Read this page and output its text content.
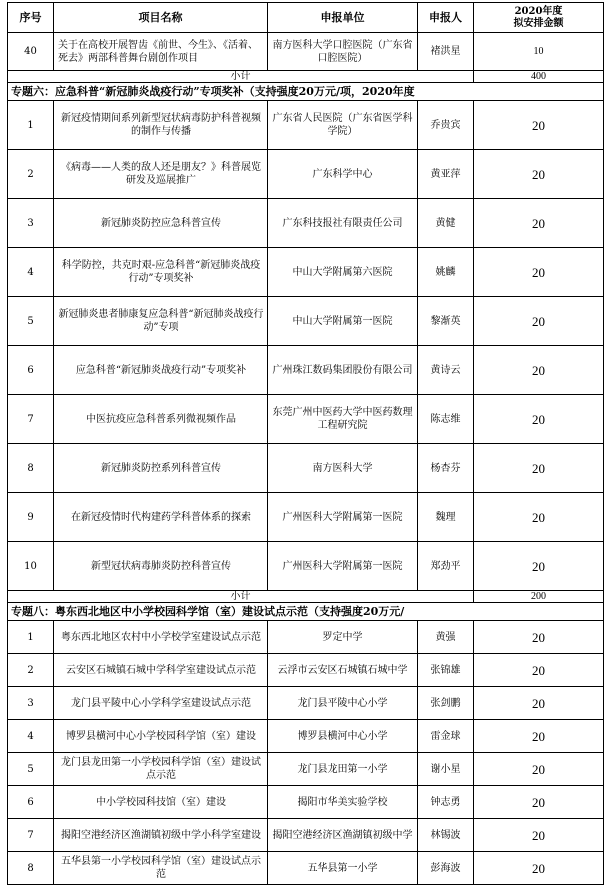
序号	项目名称	申报单位	申报人	2020年度
拟安排金额

40	关于在高校开展智齿《前世、今生》、《活着、死去》两部科普舞台剧创作项目	南方医科大学口腔医院（广东省口腔医院）	褚洪星	10
小计				400
专题六：应急科普“新冠肺炎战疫行动”专项奖补（支持强度20万元/项，2020年度				
1	新冠疫情期间系列新型冠状病毒防护科普视频的制作与传播	广东省人民医院（广东省医学科学院）	乔贵宾	20
2	《病毒——人类的敌人还是朋友？》科普展览研发及巡展推广	广东科学中心	黄亚萍	20
3	新冠肺炎防控应急科普宣传	广东科技报社有限责任公司	黄健	20
4	科学防控，共克时艰-应急科普“新冠肺炎战疫行动”专项奖补	中山大学附属第六医院	姚麟	20
5	新冠肺炎患者肺康复应急科普“新冠肺炎战疫行动”专项	中山大学附属第一医院	黎渐英	20
6	应急科普“新冠肺炎战疫行动”专项奖补	广州珠江数码集团股份有限公司	黄诗云	20
7	中医抗疫应急科普系列微视频作品	东莞广州中医药大学中医药数理工程研究院	陈志维	20
8	新冠肺炎防控系列科普宣传	南方医科大学	杨杏芬	20
9	在新冠疫情时代构建药学科普体系的探索	广州医科大学附属第一医院	魏理	20
10	新型冠状病毒肺炎防控科普宣传	广州医科大学附属第一医院	郑劲平	20
小计				200
专题八：粤东西北地区中小学校园科学馆（室）建设试点示范（支持强度20万元/				
1	粤东西北地区农村中小学校学室建设试点示范	罗定中学	黄强	20
2	云安区石城镇石城中学科学室建设试点示范	云浮市云安区石城镇石城中学	张锦雄	20
3	龙门县平陵中心小学科学室建设试点示范	龙门县平陵中心小学	张剑鹏	20
4	博罗县横河中心小学校园科学馆（室）建设	博罗县横河中心小学	雷金球	20
5	龙门县龙田第一小学校园科学馆（室）建设试点示范	龙门县龙田第一小学	谢小星	20
6	中小学校园科技馆（室）建设	揭阳市华美实验学校	钟志勇	20
7	揭阳空港经济区渔湖镇初级中学小科学室建设	揭阳空港经济区渔湖镇初级中学	林锡波	20
8	五华县第一小学校园科学馆（室）建设试点示范	五华县第一小学	彭海波	20
